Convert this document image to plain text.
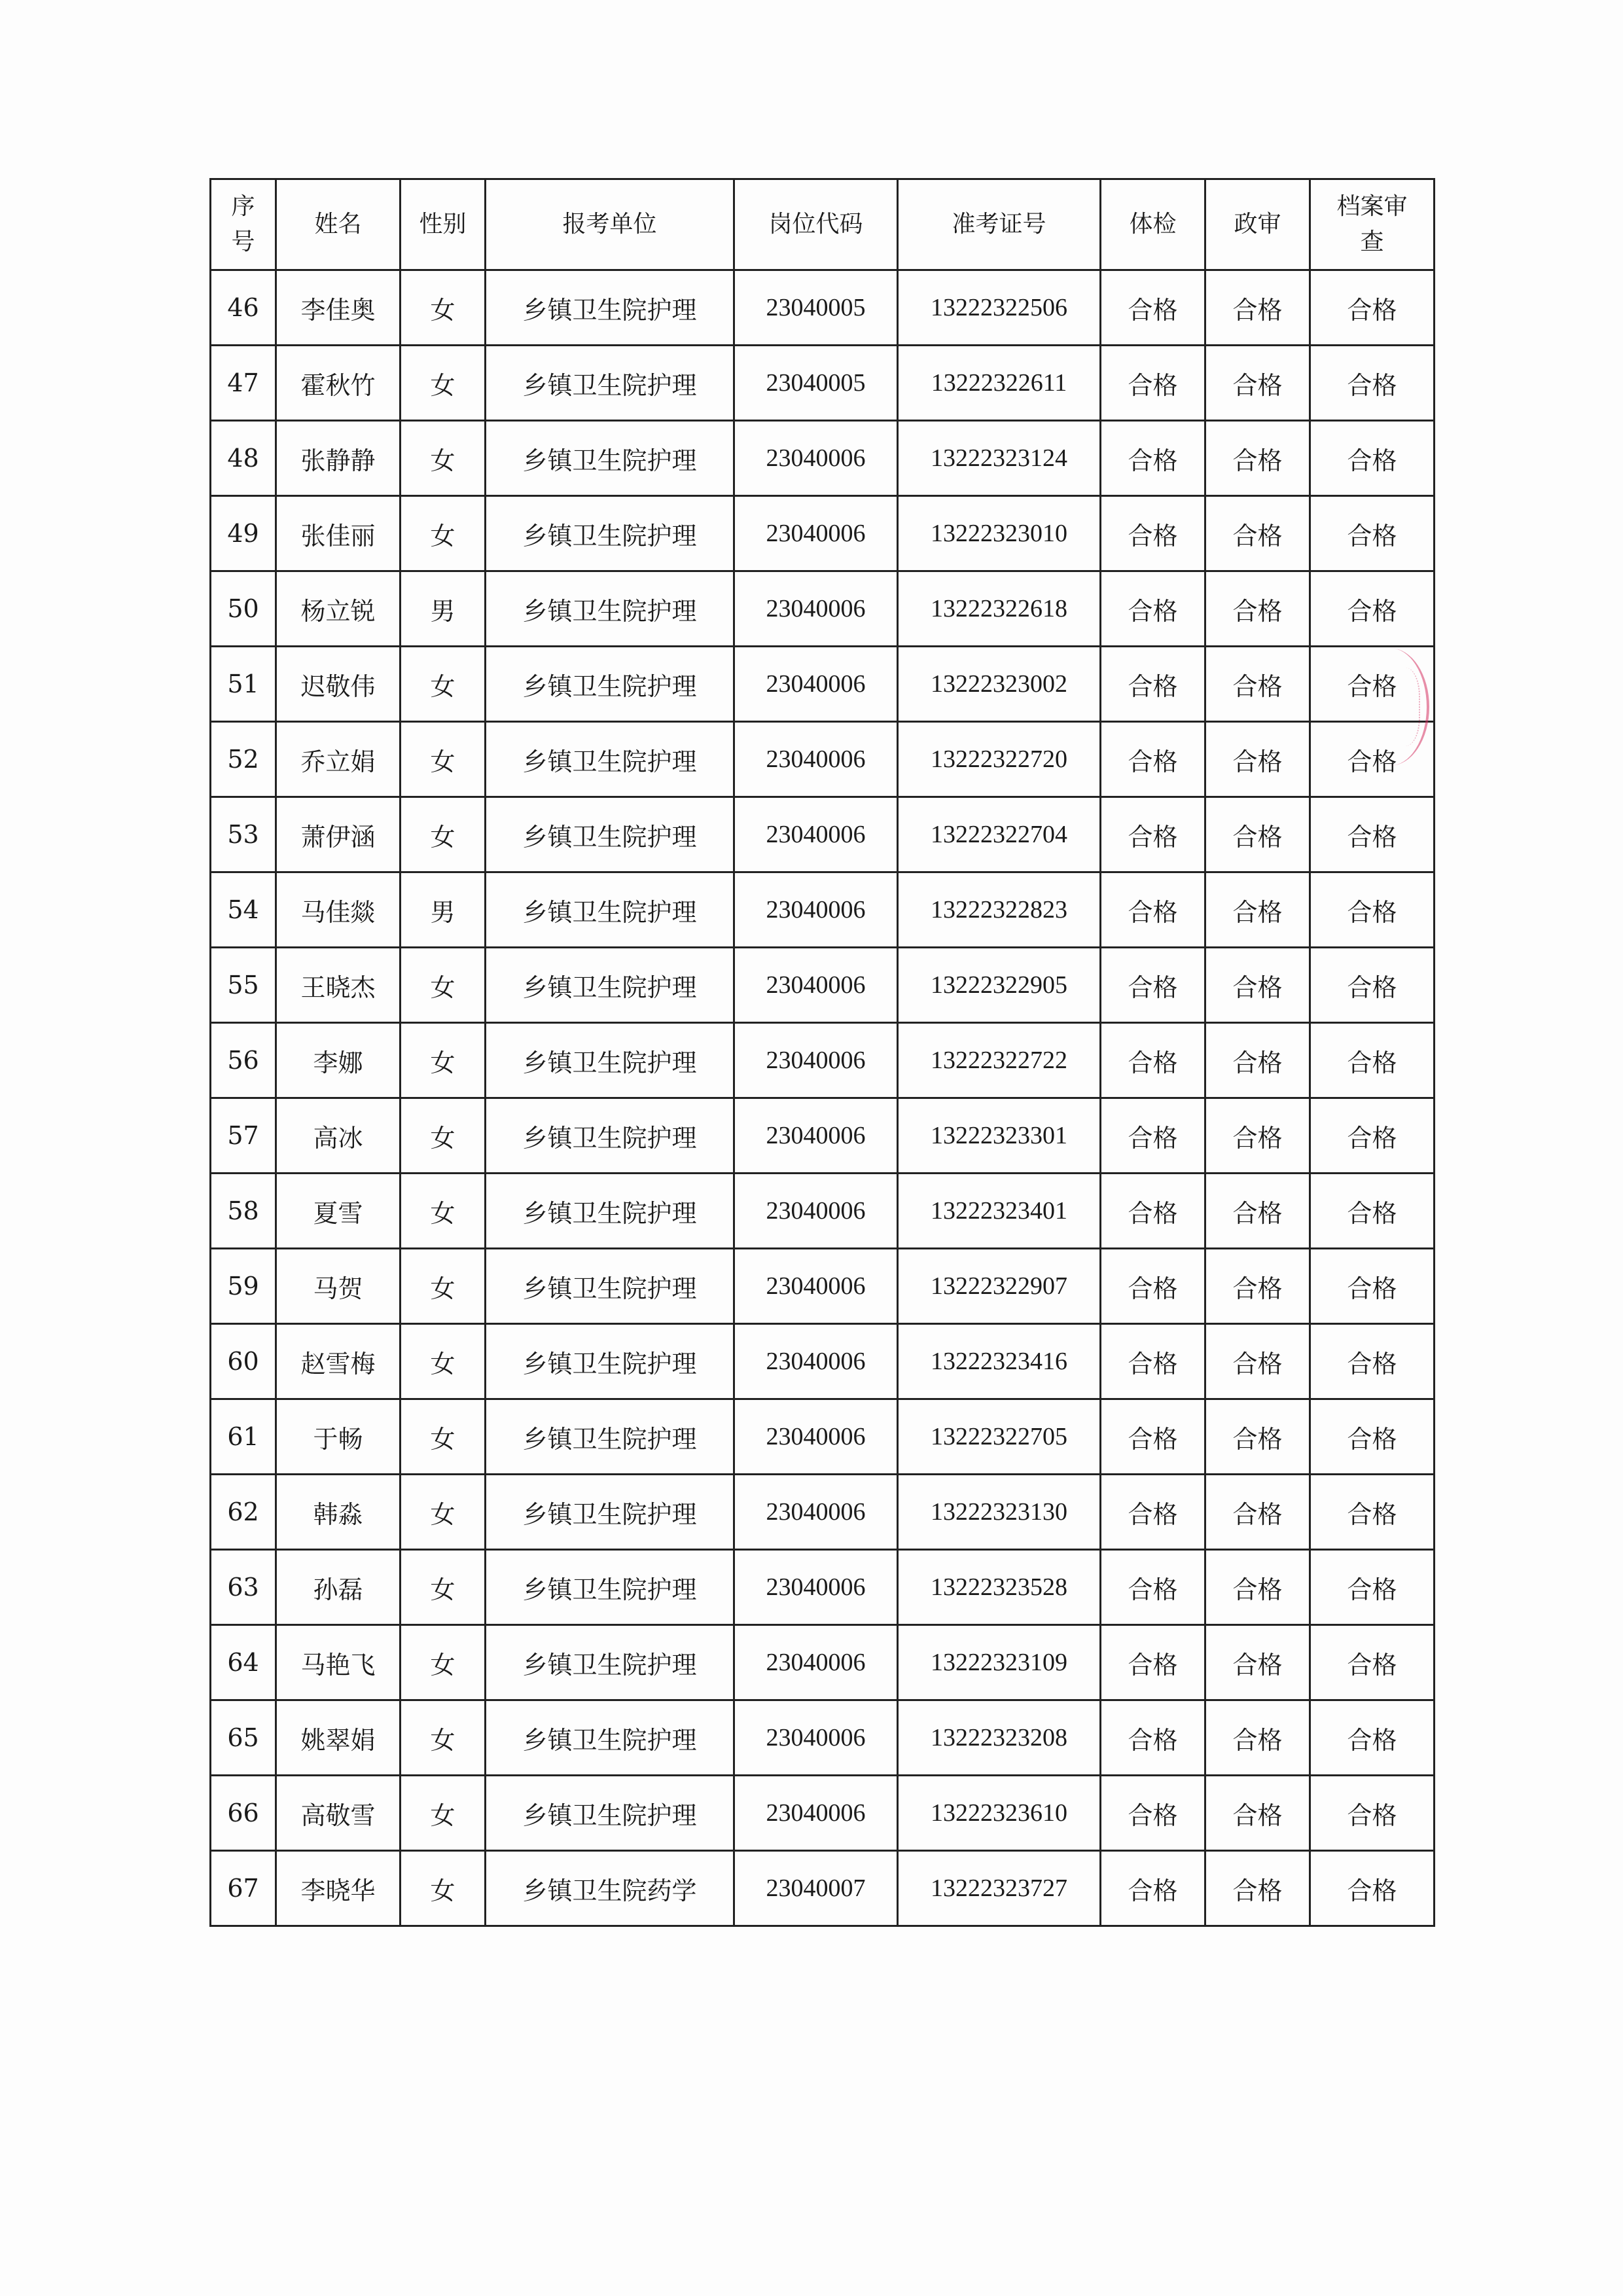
序
号	姓名	性别	报考单位	岗位代码	准考证号	体检	政审	档案审
查

46	李佳奥	女	乡镇卫生院护理	23040005	13222322506	合格	合格	合格
47	霍秋竹	女	乡镇卫生院护理	23040005	13222322611	合格	合格	合格
48	张静静	女	乡镇卫生院护理	23040006	13222323124	合格	合格	合格
49	张佳丽	女	乡镇卫生院护理	23040006	13222323010	合格	合格	合格
50	杨立锐	男	乡镇卫生院护理	23040006	13222322618	合格	合格	合格
51	迟敬伟	女	乡镇卫生院护理	23040006	13222323002	合格	合格	合格
52	乔立娟	女	乡镇卫生院护理	23040006	13222322720	合格	合格	合格
53	萧伊涵	女	乡镇卫生院护理	23040006	13222322704	合格	合格	合格
54	马佳燚	男	乡镇卫生院护理	23040006	13222322823	合格	合格	合格
55	王晓杰	女	乡镇卫生院护理	23040006	13222322905	合格	合格	合格
56	李娜	女	乡镇卫生院护理	23040006	13222322722	合格	合格	合格
57	高冰	女	乡镇卫生院护理	23040006	13222323301	合格	合格	合格
58	夏雪	女	乡镇卫生院护理	23040006	13222323401	合格	合格	合格
59	马贺	女	乡镇卫生院护理	23040006	13222322907	合格	合格	合格
60	赵雪梅	女	乡镇卫生院护理	23040006	13222323416	合格	合格	合格
61	于畅	女	乡镇卫生院护理	23040006	13222322705	合格	合格	合格
62	韩淼	女	乡镇卫生院护理	23040006	13222323130	合格	合格	合格
63	孙磊	女	乡镇卫生院护理	23040006	13222323528	合格	合格	合格
64	马艳飞	女	乡镇卫生院护理	23040006	13222323109	合格	合格	合格
65	姚翠娟	女	乡镇卫生院护理	23040006	13222323208	合格	合格	合格
66	高敬雪	女	乡镇卫生院护理	23040006	13222323610	合格	合格	合格
67	李晓华	女	乡镇卫生院药学	23040007	13222323727	合格	合格	合格
